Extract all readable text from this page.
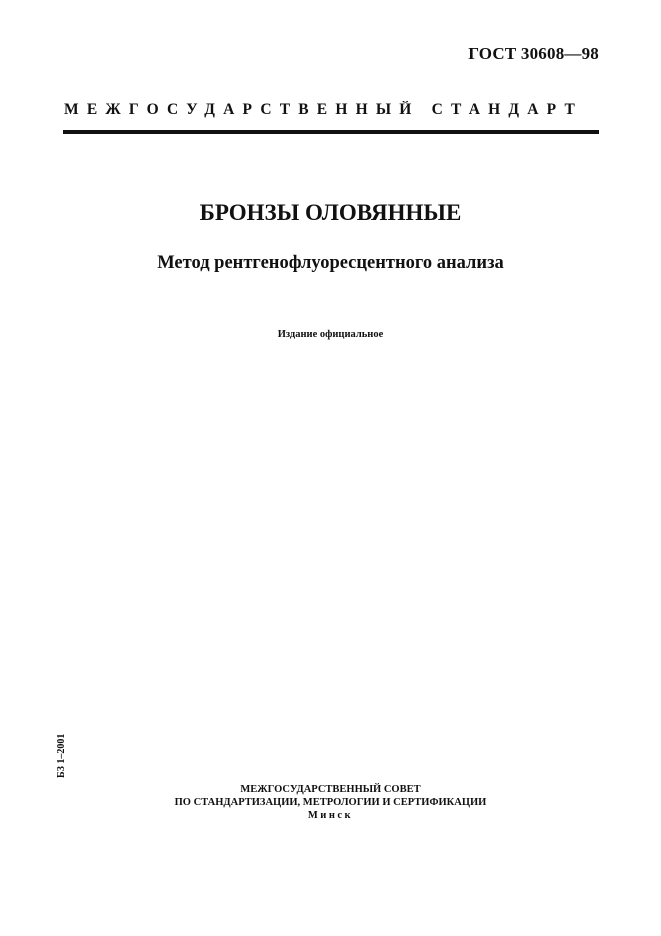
ГОСТ 30608—98
МЕЖГОСУДАРСТВЕННЫЙ СТАНДАРТ
БРОНЗЫ ОЛОВЯННЫЕ
Метод рентгенофлуоресцентного анализа
Издание официальное
БЗ 1–2001
МЕЖГОСУДАРСТВЕННЫЙ СОВЕТ
ПО СТАНДАРТИЗАЦИИ, МЕТРОЛОГИИ И СЕРТИФИКАЦИИ
Минск
